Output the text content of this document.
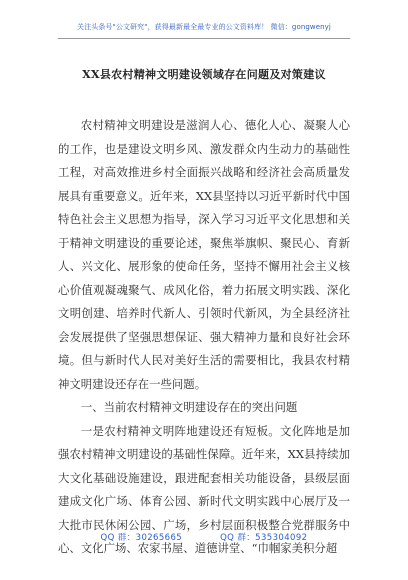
关注头条号"公文研究"，获得最新最全最专业的公文资料库！ 微信：gongwenyj
XX县农村精神文明建设领域存在问题及对策建议

农村精神文明建设是滋润人心、德化人心、凝聚人心的工作，也是建设文明乡风、激发群众内生动力的基础性工程，对高效推进乡村全面振兴战略和经济社会高质量发展具有重要意义。近年来，XX县坚持以习近平新时代中国特色社会主义思想为指导，深入学习习近平文化思想和关于精神文明建设的重要论述，聚焦举旗帜、聚民心、育新人、兴文化、展形象的使命任务，坚持不懈用社会主义核心价值观凝魂聚气、成风化俗，着力拓展文明实践、深化文明创建、培养时代新人、引领时代新风，为全县经济社会发展提供了坚强思想保证、强大精神力量和良好社会环境。但与新时代人民对美好生活的需要相比，我县农村精神文明建设还存在一些问题。

一、当前农村精神文明建设存在的突出问题

一是农村精神文明阵地建设还有短板。文化阵地是加强农村精神文明建设的基础性保障。近年来，XX县持续加大文化基础设施建设，跟进配套相关功能设备，县级层面建成文化广场、体育公园、新时代文明实践中心展厅及一大批市民休闲公园、广场，乡村层面积极整合党群服务中心、文化广场、农家书屋、道德讲堂、“巾帼家美积分超

QQ 群：30265665	QQ 群：535304092
